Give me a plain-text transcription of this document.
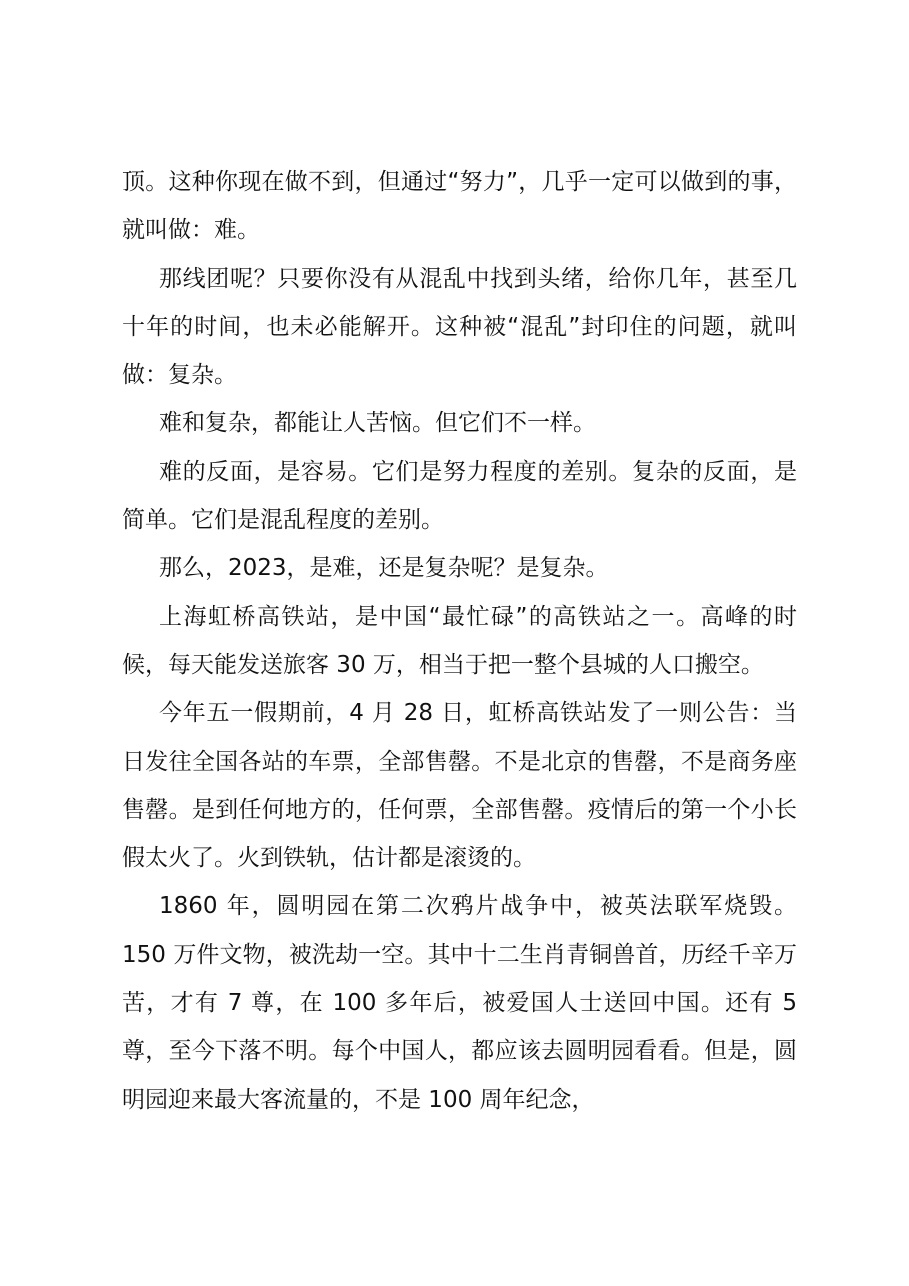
顶。这种你现在做不到，但通过“努力”，几乎一定可以做到的事，就叫做：难。

那线团呢？只要你没有从混乱中找到头绪，给你几年，甚至几十年的时间，也未必能解开。这种被“混乱”封印住的问题，就叫做：复杂。

难和复杂，都能让人苦恼。但它们不一样。

难的反面，是容易。它们是努力程度的差别。复杂的反面，是简单。它们是混乱程度的差别。

那么，2023，是难，还是复杂呢？是复杂。

上海虹桥高铁站，是中国“最忙碌”的高铁站之一。高峰的时候，每天能发送旅客 30 万，相当于把一整个县城的人口搬空。

今年五一假期前，4 月 28 日，虹桥高铁站发了一则公告：当日发往全国各站的车票，全部售罄。不是北京的售罄，不是商务座售罄。是到任何地方的，任何票，全部售罄。疫情后的第一个小长假太火了。火到铁轨，估计都是滚烫的。

1860 年，圆明园在第二次鸦片战争中，被英法联军烧毁。150 万件文物，被洗劫一空。其中十二生肖青铜兽首，历经千辛万苦，才有 7 尊，在 100 多年后，被爱国人士送回中国。还有 5 尊，至今下落不明。每个中国人，都应该去圆明园看看。但是，圆明园迎来最大客流量的，不是 100 周年纪念，
